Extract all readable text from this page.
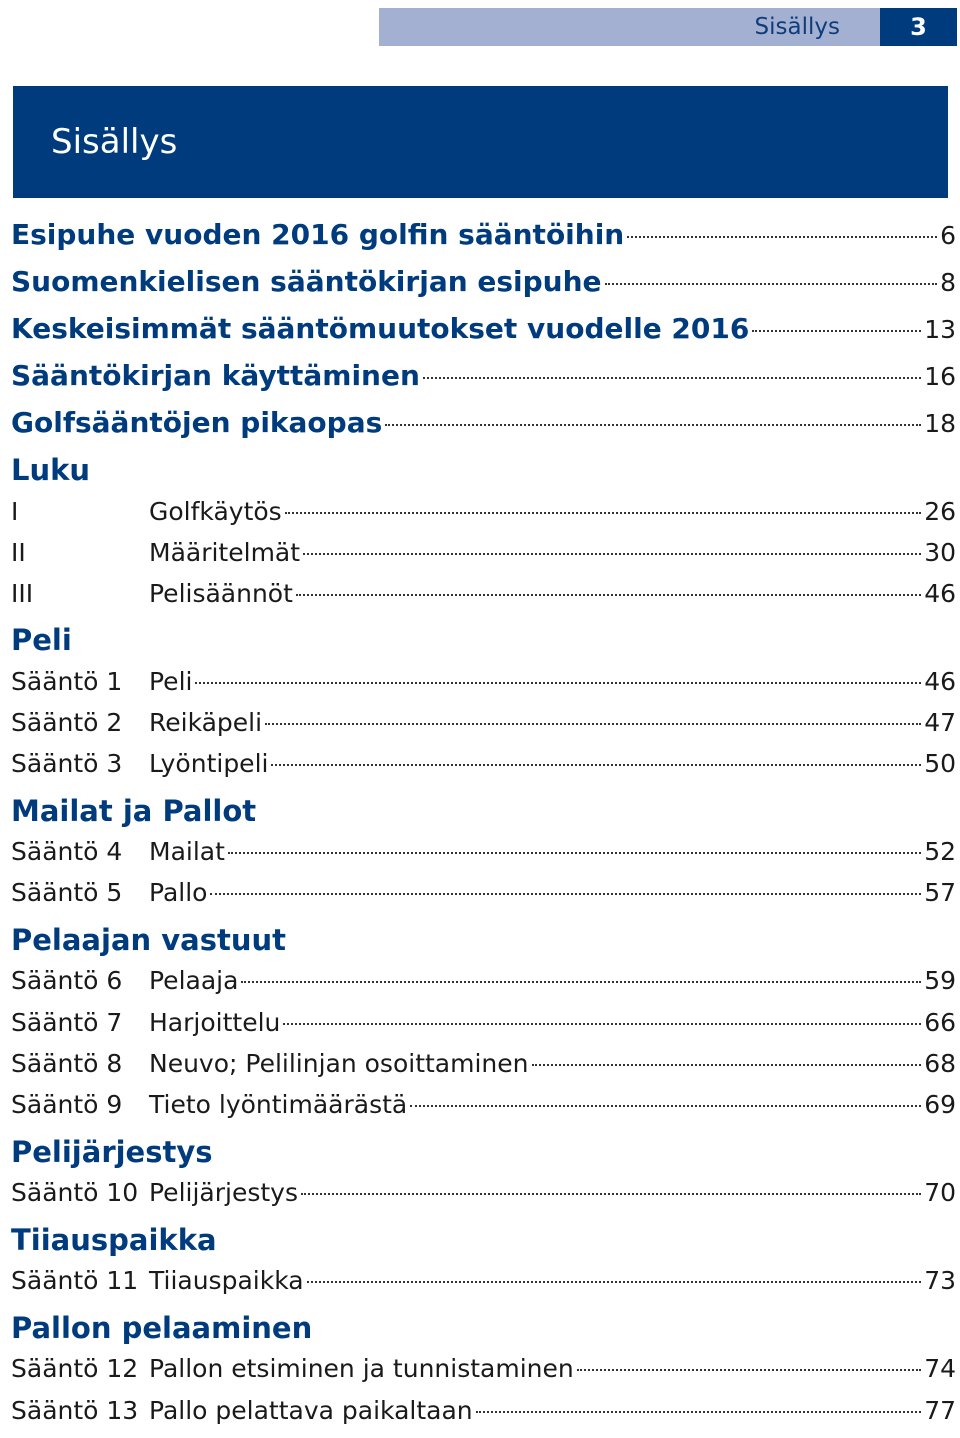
Sisällys	3
Sisällys
Esipuhe vuoden 2016 golfin sääntöihin	6
Suomenkielisen sääntökirjan esipuhe	8
Keskeisimmät sääntömuutokset vuodelle 2016	13
Sääntökirjan käyttäminen	16
Golfsääntöjen pikaopas	18
Luku
I	Golfkäytös	26
II	Määritelmät	30
III	Pelisäännöt	46
Peli
Sääntö 1	Peli	46
Sääntö 2	Reikäpeli	47
Sääntö 3	Lyöntipeli	50
Mailat ja Pallot
Sääntö 4	Mailat	52
Sääntö 5	Pallo	57
Pelaajan vastuut
Sääntö 6	Pelaaja	59
Sääntö 7	Harjoittelu	66
Sääntö 8	Neuvo; Pelilinjan osoittaminen	68
Sääntö 9	Tieto lyöntimäärästä	69
Pelijärjestys
Sääntö 10 Pelijärjestys	70
Tiiauspaikka
Sääntö 11 Tiiauspaikka	73
Pallon pelaaminen
Sääntö 12 Pallon etsiminen ja tunnistaminen	74
Sääntö 13 Pallo pelattava paikaltaan	77
